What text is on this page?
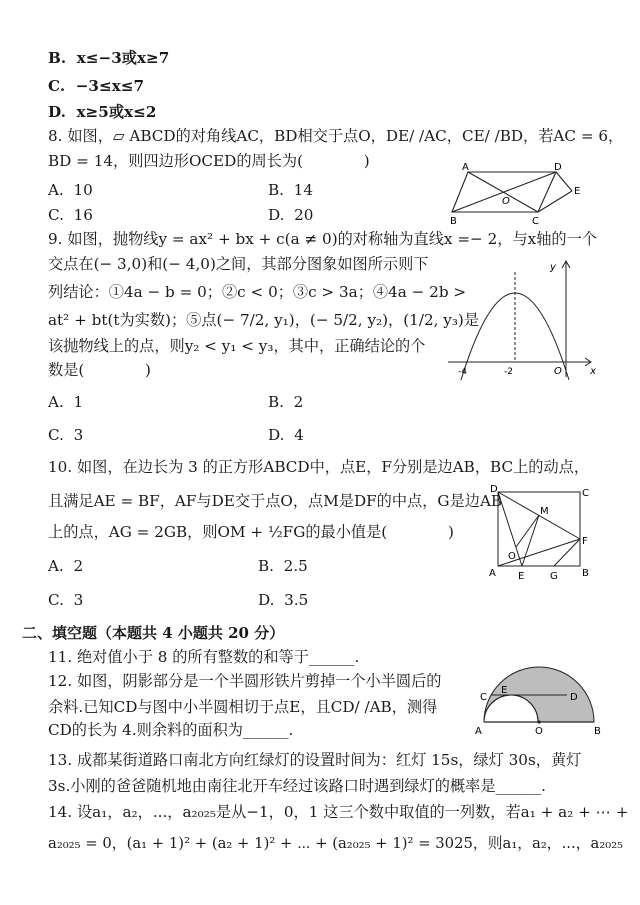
B. x≤−3或x≥7
C. −3≤x≤7
D. x≥5或x≤2
8. 如图，▱ ABCD的对角线AC，BD相交于点O，DE/ /AC，CE/ /BD，若AC = 6，
BD = 14，则四边形OCED的周长为(　　　　)
A. 10	B. 14
C. 16	D. 20
A	D
E
B	C
O
9. 如图，抛物线y = ax² + bx + c(a ≠ 0)的对称轴为直线x =− 2，与x轴的一个
交点在(− 3,0)和(− 4,0)之间，其部分图象如图所示则下
列结论：①4a − b = 0；②c < 0；③c > 3a；④4a − 2b >
at² + bt(t为实数)；⑤点(− 7/2, y₁)，(− 5/2, y₂)，(1/2, y₃)是
该抛物线上的点，则y₂ < y₁ < y₃，其中，正确结论的个
数是(　　　　)
A. 1	B. 2
C. 3	D. 4
x
y
O
-4	-2
10. 如图，在边长为 3 的正方形ABCD中，点E，F分别是边AB，BC上的动点，
且满足AE = BF，AF与DE交于点O，点M是DF的中点，G是边AB
上的点，AG = 2GB，则OM + ½FG的最小值是(　　　　)
A. 2	B. 2.5
C. 3	D. 3.5
D	C
A	B
E	G
F
M
O
二、填空题（本题共 4 小题共 20 分）
11. 绝对值小于 8 的所有整数的和等于______.
12. 如图，阴影部分是一个半圆形铁片剪掉一个小半圆后的
余料.已知CD与图中小半圆相切于点E，且CD/ /AB，测得
CD的长为 4.则余料的面积为______.
C
E
D
A	B
O
13. 成都某街道路口南北方向红绿灯的设置时间为：红灯 15s，绿灯 30s，黄灯
3s.小刚的爸爸随机地由南往北开车经过该路口时遇到绿灯的概率是______.
14. 设a₁，a₂，...，a₂₀₂₅是从−1，0，1 这三个数中取值的一列数，若a₁ + a₂ + ⋯ +
a₂₀₂₅ = 0，(a₁ + 1)² + (a₂ + 1)² + ⋯ + (a₂₀₂₅ + 1)² = 3025，则a₁，a₂，...，a₂₀₂₅
